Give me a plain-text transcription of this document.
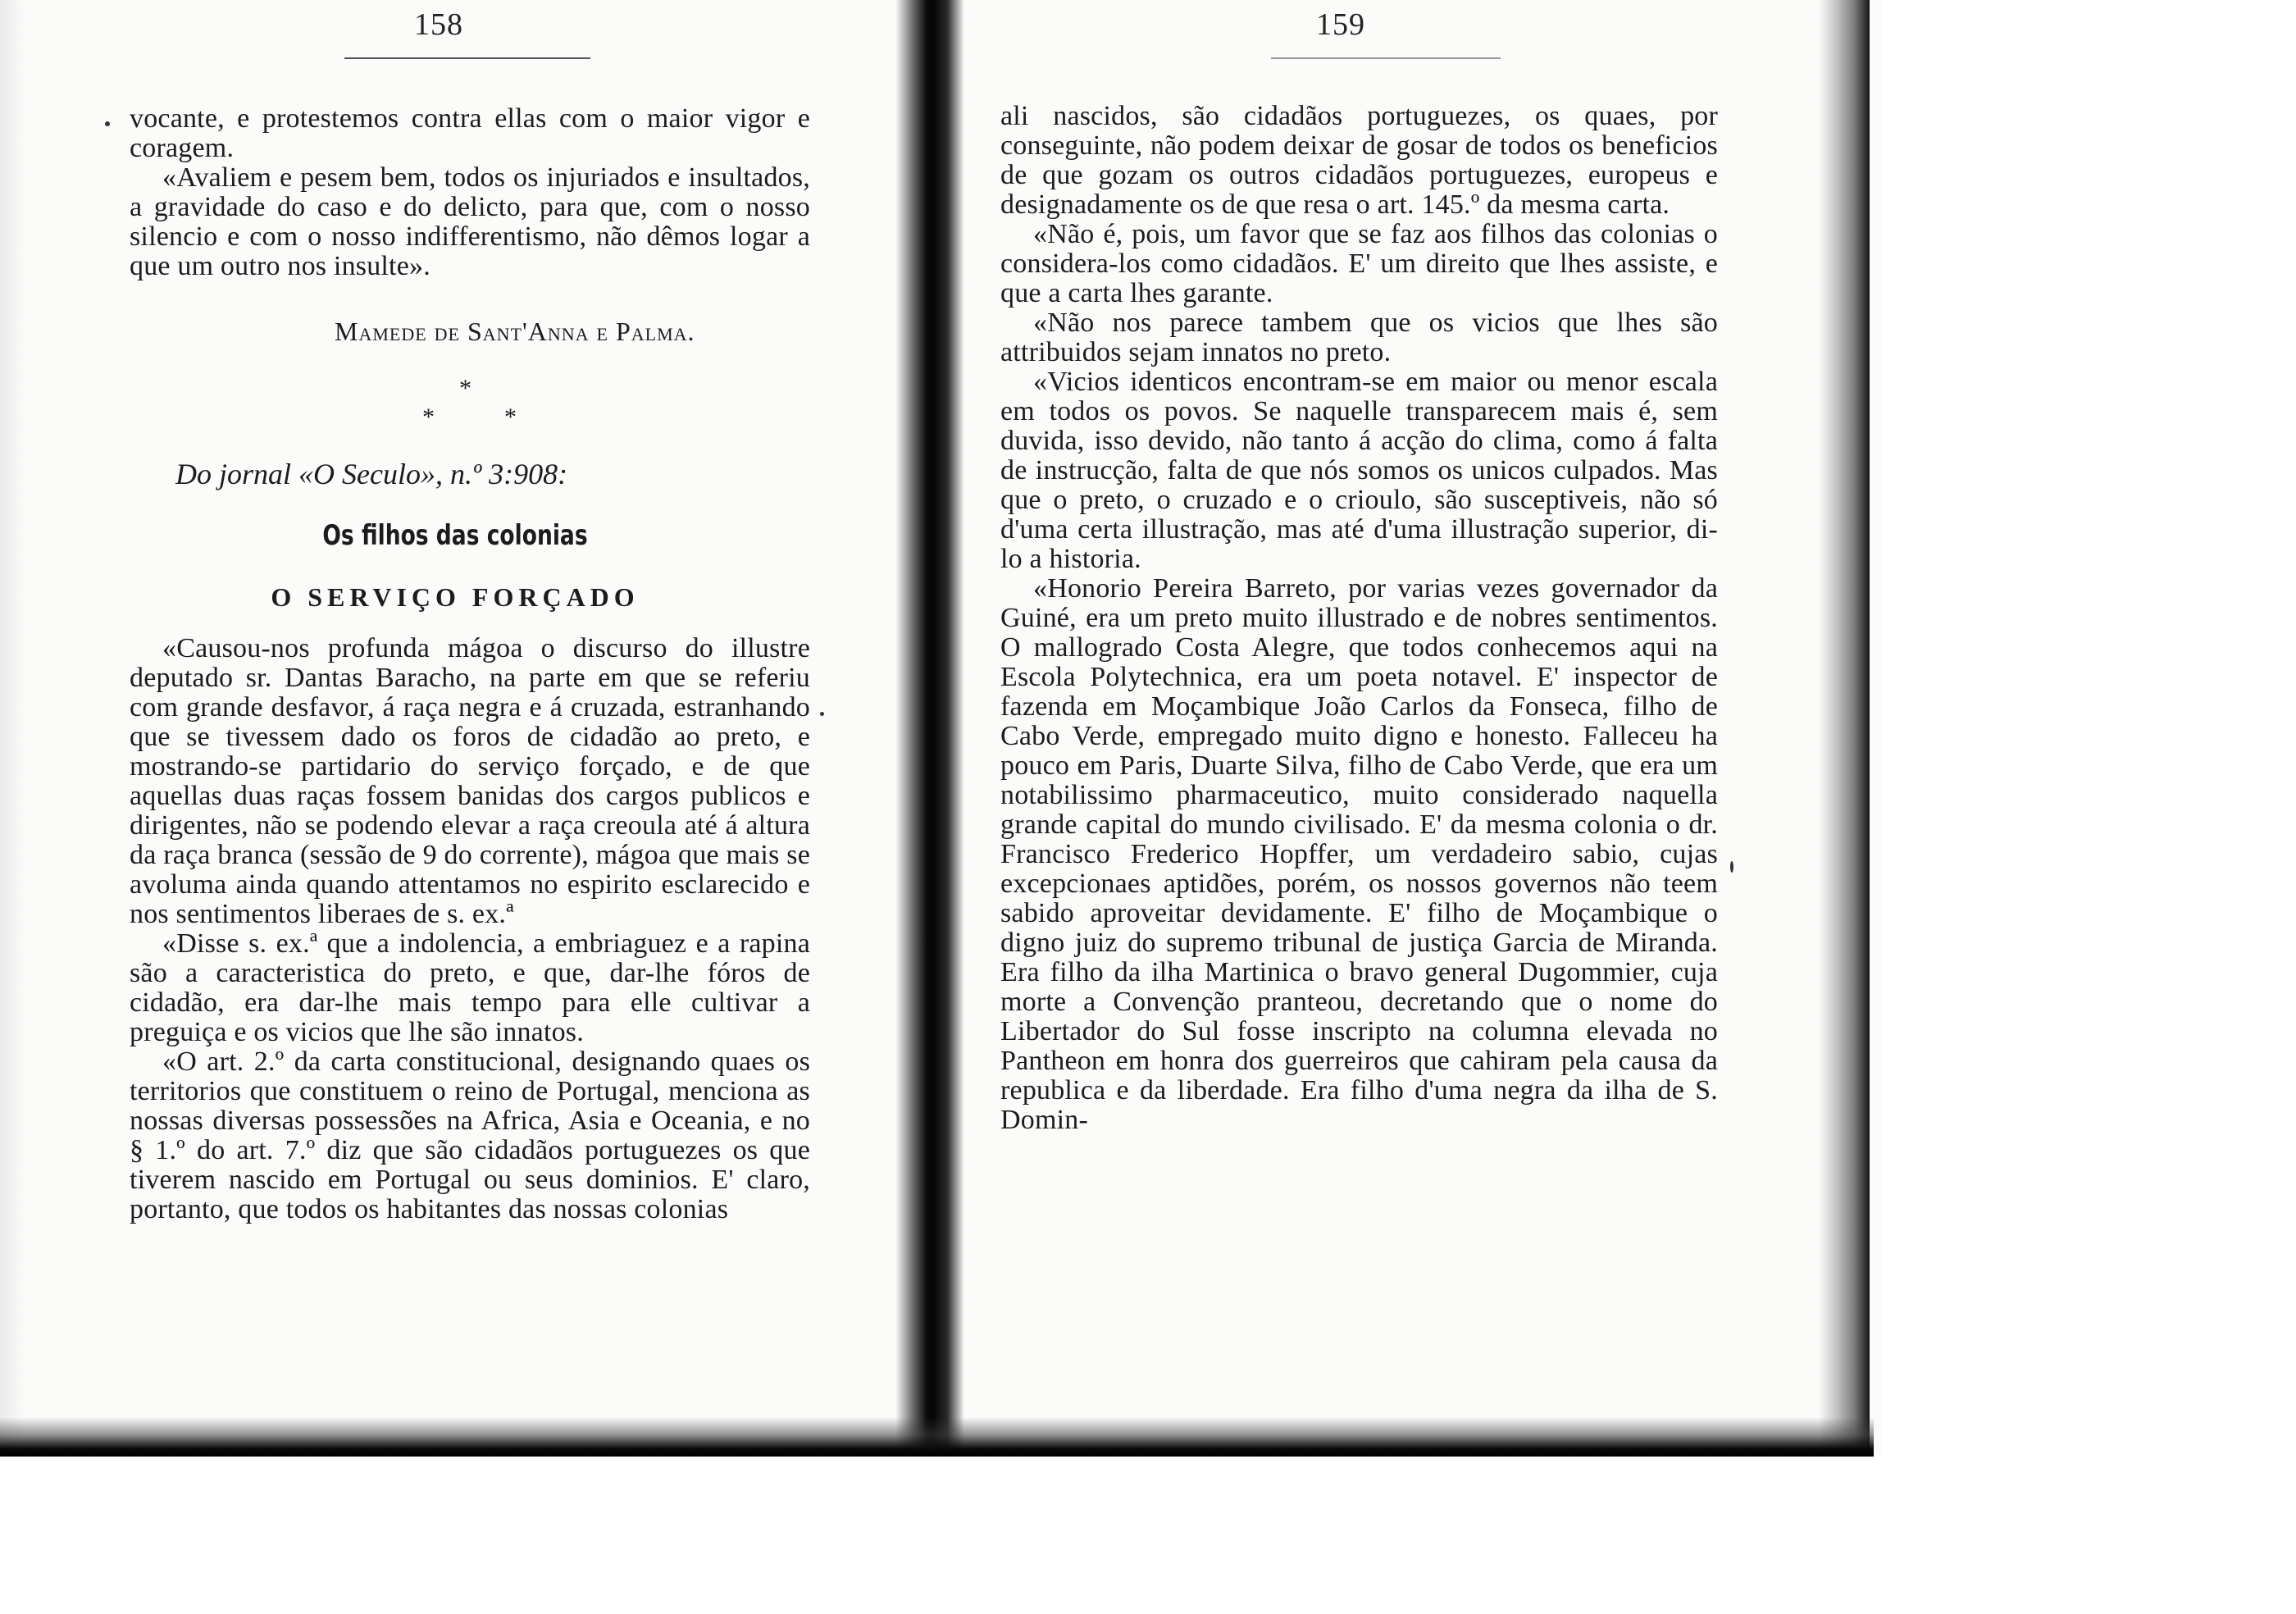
158

vocante, e protestemos contra ellas com o maior vigor e coragem.

«Avaliem e pesem bem, todos os injuriados e insultados, a gravidade do caso e do delicto, para que, com o nosso silencio e com o nosso indifferentismo, não dêmos logar a que um outro nos insulte».

Mamede de Sant'Anna e Palma.
*
*	*
Do jornal «O Seculo», n.º 3:908:
Os filhos das colonias
O SERVIÇO FORÇADO

«Causou-nos profunda mágoa o discurso do illustre deputado sr. Dantas Baracho, na parte em que se referiu com grande desfavor, á raça negra e á cruzada, estranhando que se tivessem dado os foros de cidadão ao preto, e mostrando-se partidario do serviço forçado, e de que aquellas duas raças fossem banidas dos cargos publicos e dirigentes, não se podendo elevar a raça creoula até á altura da raça branca (sessão de 9 do corrente), mágoa que mais se avoluma ainda quando attentamos no espirito esclarecido e nos sentimentos liberaes de s. ex.ª

«Disse s. ex.ª que a indolencia, a embriaguez e a rapina são a caracteristica do preto, e que, dar-lhe fóros de cidadão, era dar-lhe mais tempo para elle cultivar a preguiça e os vicios que lhe são innatos.

«O art. 2.º da carta constitucional, designando quaes os territorios que constituem o reino de Portugal, menciona as nossas diversas possessões na Africa, Asia e Oceania, e no § 1.º do art. 7.º diz que são cidadãos portuguezes os que tiverem nascido em Portugal ou seus dominios. E' claro, portanto, que todos os habitantes das nossas colonias

159

ali nascidos, são cidadãos portuguezes, os quaes, por conseguinte, não podem deixar de gosar de todos os beneficios de que gozam os outros cidadãos portuguezes, europeus e designadamente os de que resa o art. 145.º da mesma carta.

«Não é, pois, um favor que se faz aos filhos das colonias o considera-los como cidadãos. E' um direito que lhes assiste, e que a carta lhes garante.

«Não nos parece tambem que os vicios que lhes são attribuidos sejam innatos no preto.

«Vicios identicos encontram-se em maior ou menor escala em todos os povos. Se naquelle transparecem mais é, sem duvida, isso devido, não tanto á acção do clima, como á falta de instrucção, falta de que nós somos os unicos culpados. Mas que o preto, o cruzado e o crioulo, são susceptiveis, não só d'uma certa illustração, mas até d'uma illustração superior, di-lo a historia.

«Honorio Pereira Barreto, por varias vezes governador da Guiné, era um preto muito illustrado e de nobres sentimentos. O mallogrado Costa Alegre, que todos conhecemos aqui na Escola Polytechnica, era um poeta notavel. E' inspector de fazenda em Moçambique João Carlos da Fonseca, filho de Cabo Verde, empregado muito digno e honesto. Falleceu ha pouco em Paris, Duarte Silva, filho de Cabo Verde, que era um notabilissimo pharmaceutico, muito considerado naquella grande capital do mundo civilisado. E' da mesma colonia o dr. Francisco Frederico Hopffer, um verdadeiro sabio, cujas excepcionaes aptidões, porém, os nossos governos não teem sabido aproveitar devidamente. E' filho de Moçambique o digno juiz do supremo tribunal de justiça Garcia de Miranda. Era filho da ilha Martinica o bravo general Dugommier, cuja morte a Convenção pranteou, decretando que o nome do Libertador do Sul fosse inscripto na columna elevada no Pantheon em honra dos guerreiros que cahiram pela causa da republica e da liberdade. Era filho d'uma negra da ilha de S. Domin-
